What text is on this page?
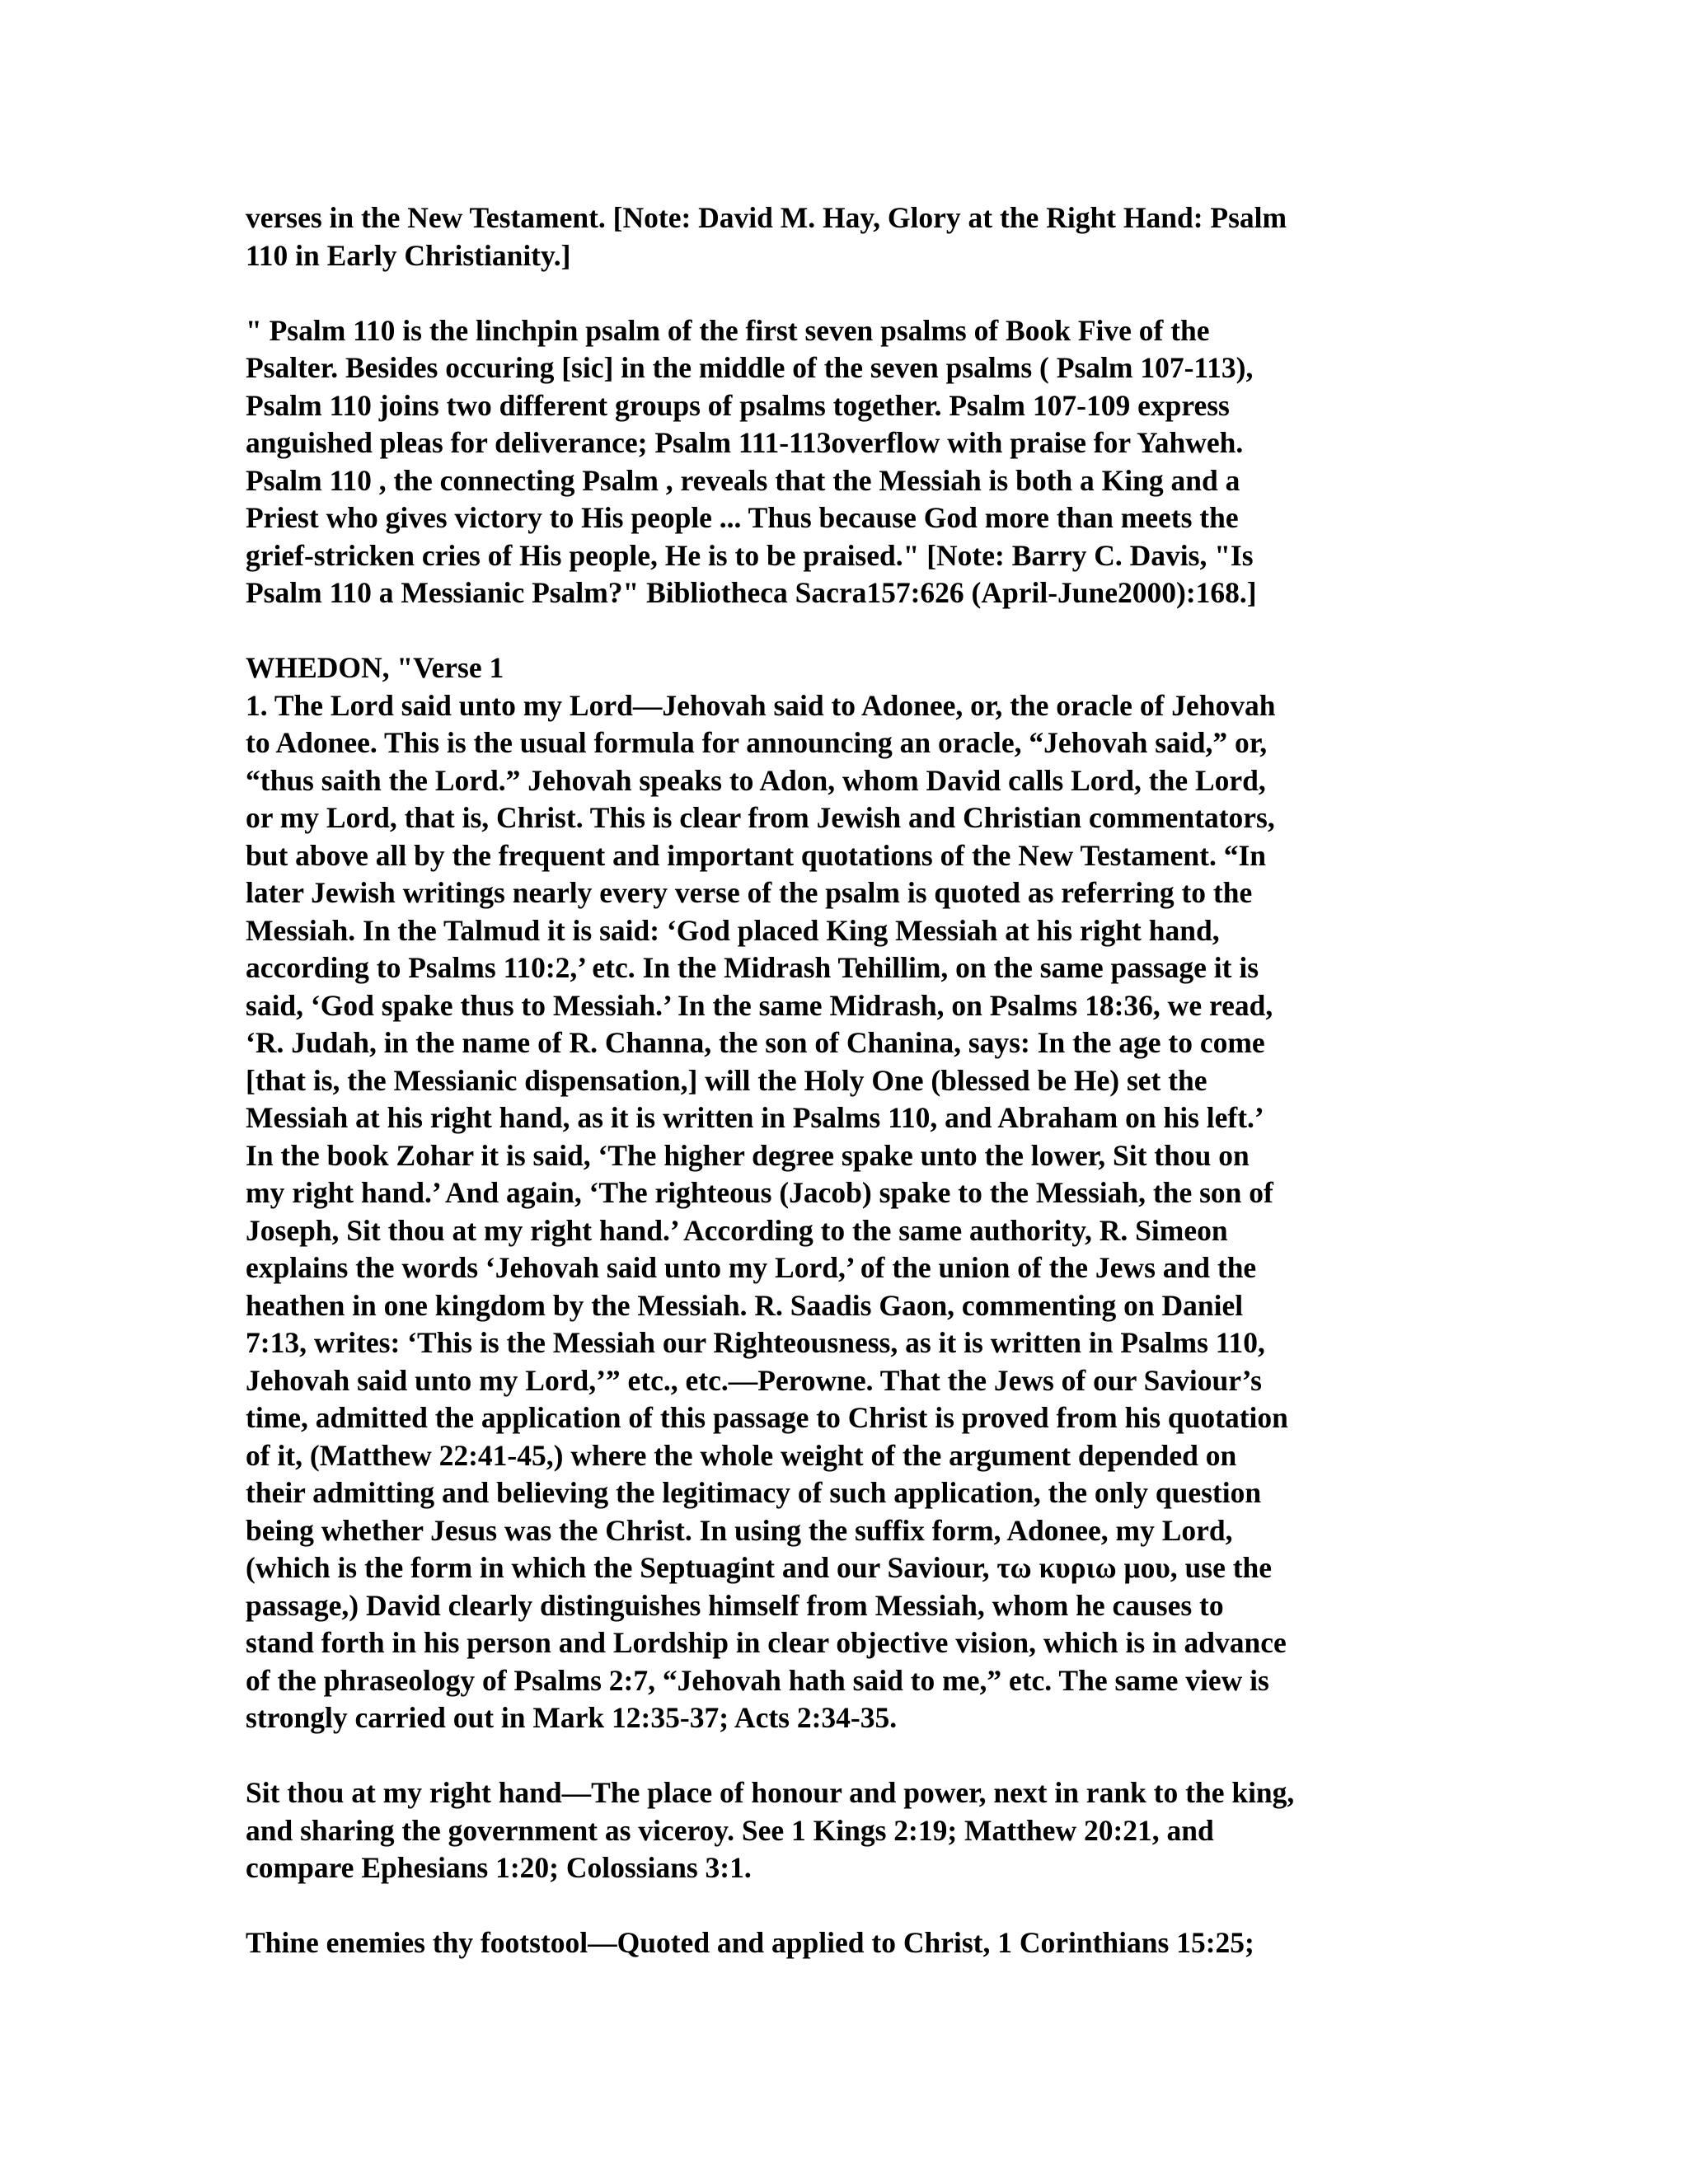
verses in the New Testament. [Note: David M. Hay, Glory at the Right Hand: Psalm
110 in Early Christianity.]
" Psalm 110 is the linchpin psalm of the first seven psalms of Book Five of the
Psalter. Besides occuring [sic] in the middle of the seven psalms ( Psalm 107-113),
Psalm 110 joins two different groups of psalms together. Psalm 107-109 express
anguished pleas for deliverance; Psalm 111-113overflow with praise for Yahweh.
Psalm 110 , the connecting Psalm , reveals that the Messiah is both a King and a
Priest who gives victory to His people ... Thus because God more than meets the
grief-stricken cries of His people, He is to be praised." [Note: Barry C. Davis, "Is
Psalm 110 a Messianic Psalm?" Bibliotheca Sacra157:626 (April-June2000):168.]
WHEDON, "Verse 1
1. The Lord said unto my Lord—Jehovah said to Adonee, or, the oracle of Jehovah
to Adonee. This is the usual formula for announcing an oracle, “Jehovah said,” or,
“thus saith the Lord.” Jehovah speaks to Adon, whom David calls Lord, the Lord,
or my Lord, that is, Christ. This is clear from Jewish and Christian commentators,
but above all by the frequent and important quotations of the New Testament. “In
later Jewish writings nearly every verse of the psalm is quoted as referring to the
Messiah. In the Talmud it is said: ‘God placed King Messiah at his right hand,
according to Psalms 110:2,’ etc. In the Midrash Tehillim, on the same passage it is
said, ‘God spake thus to Messiah.’ In the same Midrash, on Psalms 18:36, we read,
‘R. Judah, in the name of R. Channa, the son of Chanina, says: In the age to come
[that is, the Messianic dispensation,] will the Holy One (blessed be He) set the
Messiah at his right hand, as it is written in Psalms 110, and Abraham on his left.’
In the book Zohar it is said, ‘The higher degree spake unto the lower, Sit thou on
my right hand.’ And again, ‘The righteous (Jacob) spake to the Messiah, the son of
Joseph, Sit thou at my right hand.’ According to the same authority, R. Simeon
explains the words ‘Jehovah said unto my Lord,’ of the union of the Jews and the
heathen in one kingdom by the Messiah. R. Saadis Gaon, commenting on Daniel
7:13, writes: ‘This is the Messiah our Righteousness, as it is written in Psalms 110,
Jehovah said unto my Lord,’” etc., etc.—Perowne. That the Jews of our Saviour’s
time, admitted the application of this passage to Christ is proved from his quotation
of it, (Matthew 22:41-45,) where the whole weight of the argument depended on
their admitting and believing the legitimacy of such application, the only question
being whether Jesus was the Christ. In using the suffix form, Adonee, my Lord,
(which is the form in which the Septuagint and our Saviour, τω κυριω μου, use the
passage,) David clearly distinguishes himself from Messiah, whom he causes to
stand forth in his person and Lordship in clear objective vision, which is in advance
of the phraseology of Psalms 2:7, “Jehovah hath said to me,” etc. The same view is
strongly carried out in Mark 12:35-37; Acts 2:34-35.
Sit thou at my right hand—The place of honour and power, next in rank to the king,
and sharing the government as viceroy. See 1 Kings 2:19; Matthew 20:21, and
compare Ephesians 1:20; Colossians 3:1.
Thine enemies thy footstool—Quoted and applied to Christ, 1 Corinthians 15:25;
